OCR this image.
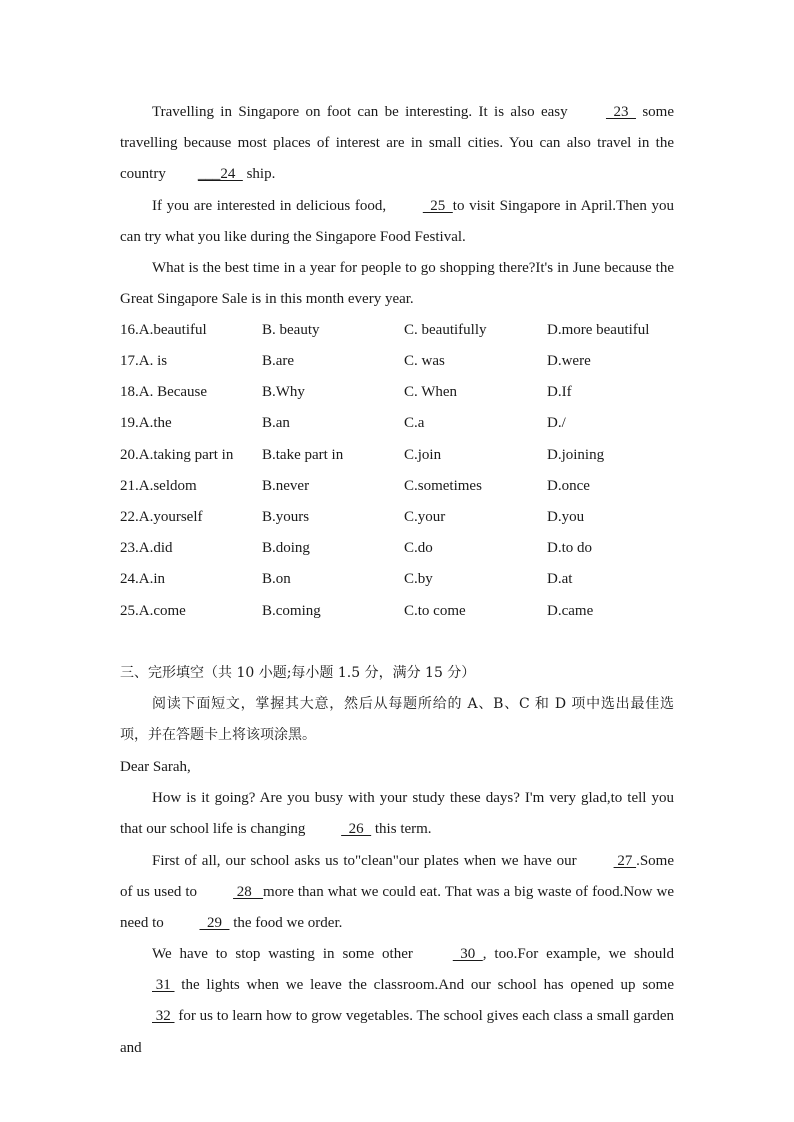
Travelling in Singapore on foot can be interesting. It is also easy   23   some travelling because most places of interest are in small cities. You can also travel in the country ___24   ship.

If you are interested in delicious food,   25  to visit Singapore in April.Then you can try what you like during the Singapore Food Festival.

What is the best time in a year for people to go shopping there?It's in June because the Great Singapore Sale is in this month every year.

16.A.beautiful	B. beauty	C. beautifully	D.more beautiful
17.A. is	B.are	C. was	D.were
18.A. Because	B.Why	C. When	D.If
19.A.the	B.an	C.a	D./
20.A.taking part in B.take part in	C.join	D.joining
21.A.seldom	B.never	C.sometimes	D.once
22.A.yourself	B.yours	C.your	D.you
23.A.did	B.doing	C.do	D.to do
24.A.in	B.on	C.by	D.at
25.A.come	B.coming	C.to come	D.came
三、完形填空（共 10 小题;每小题 1.5 分，满分 15 分）

阅读下面短文，掌握其大意，然后从每题所给的 A、B、C 和 D 项中选出最佳选项，并在答题卡上将该项涂黑。

Dear Sarah,

How is it going? Are you busy with your study these days? I'm very glad,to tell you that our school life is changing   26   this term.

First of all, our school asks us to"clean"our plates when we have our  27 .Some of us used to  28   more than what we could eat. That was a big waste of food.Now we need to   29   the food we order.

We have to stop wasting in some other   30  , too.For example, we should  31  the lights when we leave the classroom.And our school has opened up some  32  for us to learn how to grow vegetables. The school gives each class a small garden and
